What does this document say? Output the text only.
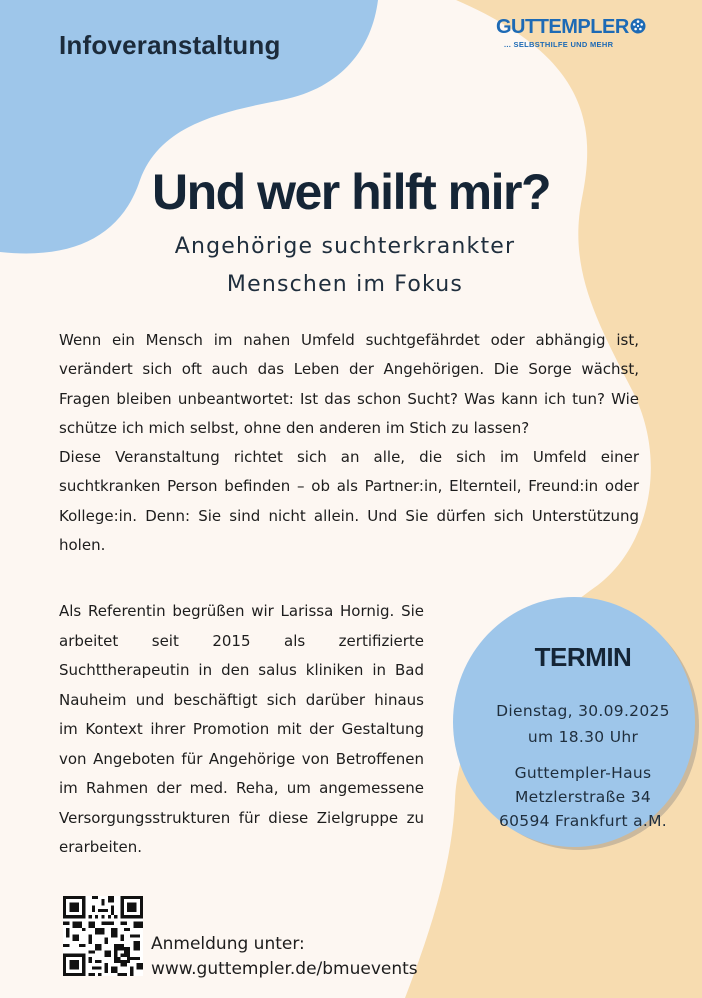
Infoveranstaltung
GUTTEMPLER
... SELBSTHILFE UND MEHR
Und wer hilft mir?
Angehörige suchterkrankter
Menschen im Fokus

Wenn ein Mensch im nahen Umfeld suchtgefährdet oder abhängig ist, verändert sich oft auch das Leben der Angehörigen. Die Sorge wächst, Fragen bleiben unbeantwortet: Ist das schon Sucht? Was kann ich tun? Wie schütze ich mich selbst, ohne den anderen im Stich zu lassen?

Diese Veranstaltung richtet sich an alle, die sich im Umfeld einer suchtkranken Person befinden – ob als Partner:in, Elternteil, Freund:in oder Kollege:in. Denn: Sie sind nicht allein. Und Sie dürfen sich Unterstützung holen.

Als Referentin begrüßen wir Larissa Hornig. Sie arbeitet seit 2015 als zertifizierte Suchttherapeutin in den salus kliniken in Bad Nauheim und beschäftigt sich darüber hinaus im Kontext ihrer Promotion mit der Gestaltung von Angeboten für Angehörige von Betroffenen im Rahmen der med. Reha, um angemessene Versorgungsstrukturen für diese Zielgruppe zu erarbeiten.

TERMIN
Dienstag, 30.09.2025
um 18.30 Uhr
Guttempler-Haus
Metzlerstraße 34
60594 Frankfurt a.M.
Anmeldung unter:
www.guttempler.de/bmuevents
